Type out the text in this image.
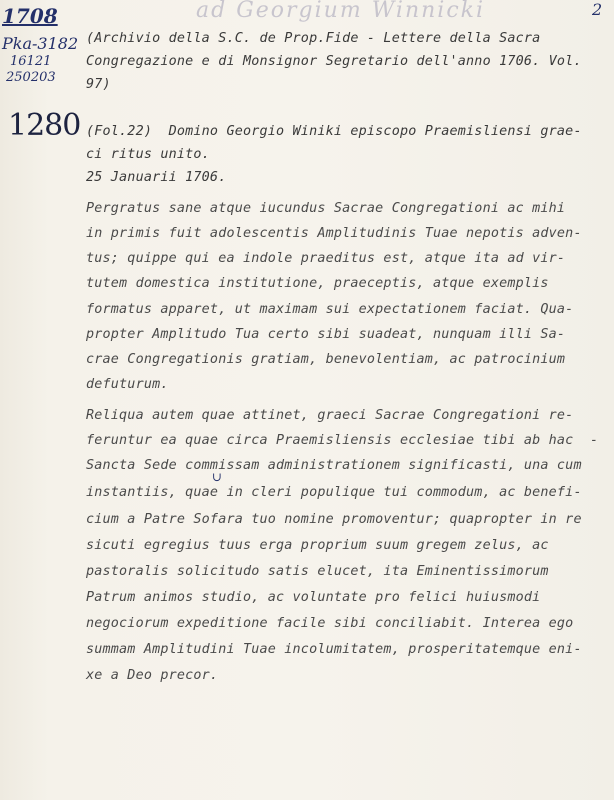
ad Georgium Winnicki	2
1708
Pka-3182
16121
250203
1280
(Archivio della S.C. de Prop.Fide - Lettere della Sacra
Congregazione e di Monsignor Segretario dell'anno 1706. Vol.
97)
(Fol.22)  Domino Georgio Winiki episcopo Praemisliensi grae-
ci ritus unito.
25 Januarii 1706.
Pergratus sane atque iucundus Sacrae Congregationi ac mihi
in primis fuit adolescentis Amplitudinis Tuae nepotis adven-
tus; quippe qui ea indole praeditus est, atque ita ad vir-
tutem domestica institutione, praeceptis, atque exemplis
formatus apparet, ut maximam sui expectationem faciat. Qua-
propter Amplitudo Tua certo sibi suadeat, nunquam illi Sa-
crae Congregationis gratiam, benevolentiam, ac patrocinium
defuturum.
Reliqua autem quae attinet, graeci Sacrae Congregationi re-
feruntur ea quae circa Praemisliensis ecclesiae tibi ab hac  -
Sancta Sede commissam administrationem significasti, una cum
instantiis, quae in cleri populique tui commodum, ac benefi-
cium a Patre Sofara tuo nomine promoventur; quapropter in re
sicuti egregius tuus erga proprium suum gregem zelus, ac
pastoralis solicitudo satis elucet, ita Eminentissimorum
Patrum animos studio, ac voluntate pro felici huiusmodi
negociorum expeditione facile sibi conciliabit. Interea ego
summam Amplitudini Tuae incolumitatem, prosperitatemque eni-
xe a Deo precor.
∪
